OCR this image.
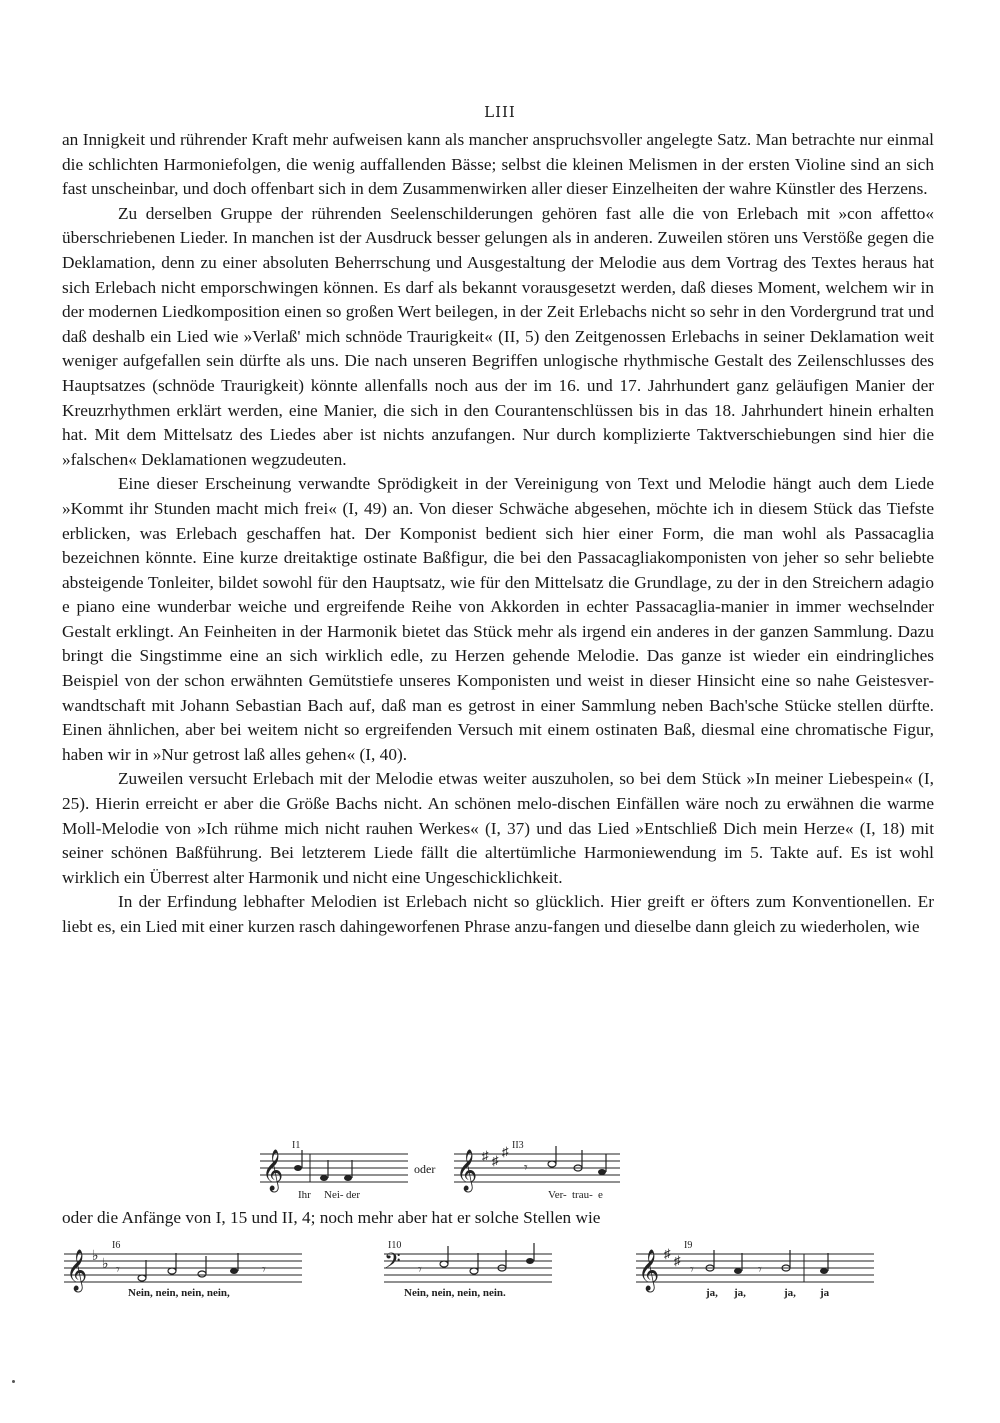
LIII

an Innigkeit und rührender Kraft mehr aufweisen kann als mancher anspruchsvoller angelegte Satz. Man betrachte nur einmal die schlichten Harmoniefolgen, die wenig auffallenden Bässe; selbst die kleinen Melismen in der ersten Violine sind an sich fast unscheinbar, und doch offenbart sich in dem Zusammenwirken aller dieser Einzelheiten der wahre Künstler des Herzens.

Zu derselben Gruppe der rührenden Seelenschilderungen gehören fast alle die von Erlebach mit »con affetto« überschriebenen Lieder. In manchen ist der Ausdruck besser gelungen als in anderen. Zuweilen stören uns Verstöße gegen die Deklamation, denn zu einer absoluten Beherrschung und Ausgestaltung der Melodie aus dem Vortrag des Textes heraus hat sich Erlebach nicht emporschwingen können. Es darf als bekannt vorausgesetzt werden, daß dieses Moment, welchem wir in der modernen Liedkomposition einen so großen Wert beilegen, in der Zeit Erlebachs nicht so sehr in den Vordergrund trat und daß deshalb ein Lied wie »Verlaß' mich schnöde Traurigkeit« (II, 5) den Zeitgenossen Erlebachs in seiner Deklamation weit weniger aufgefallen sein dürfte als uns. Die nach unseren Begriffen unlogische rhythmische Gestalt des Zeilenschlusses des Hauptsatzes (schnöde Traurigkeit) könnte allenfalls noch aus der im 16. und 17. Jahrhundert ganz geläufigen Manier der Kreuzrhythmen erklärt werden, eine Manier, die sich in den Courantenschlüssen bis in das 18. Jahrhundert hinein erhalten hat. Mit dem Mittelsatz des Liedes aber ist nichts anzufangen. Nur durch komplizierte Taktverschiebungen sind hier die »falschen« Deklamationen wegzudeuten.

Eine dieser Erscheinung verwandte Sprödigkeit in der Vereinigung von Text und Melodie hängt auch dem Liede »Kommt ihr Stunden macht mich frei« (I, 49) an. Von dieser Schwäche abgesehen, möchte ich in diesem Stück das Tiefste erblicken, was Erlebach geschaffen hat. Der Komponist bedient sich hier einer Form, die man wohl als Passacaglia bezeichnen könnte. Eine kurze dreitaktige ostinate Baßfigur, die bei den Passacagliakomponisten von jeher so sehr beliebte absteigende Tonleiter, bildet sowohl für den Hauptsatz, wie für den Mittelsatz die Grundlage, zu der in den Streichern adagio e piano eine wunderbar weiche und ergreifende Reihe von Akkorden in echter Passacaglia-manier in immer wechselnder Gestalt erklingt. An Feinheiten in der Harmonik bietet das Stück mehr als irgend ein anderes in der ganzen Sammlung. Dazu bringt die Singstimme eine an sich wirklich edle, zu Herzen gehende Melodie. Das ganze ist wieder ein eindringliches Beispiel von der schon erwähnten Gemütstiefe unseres Komponisten und weist in dieser Hinsicht eine so nahe Geistesver-wandtschaft mit Johann Sebastian Bach auf, daß man es getrost in einer Sammlung neben Bach'sche Stücke stellen dürfte. Einen ähnlichen, aber bei weitem nicht so ergreifenden Versuch mit einem ostinaten Baß, diesmal eine chromatische Figur, haben wir in »Nur getrost laß alles gehen« (I, 40).

Zuweilen versucht Erlebach mit der Melodie etwas weiter auszuholen, so bei dem Stück »In meiner Liebespein« (I, 25). Hierin erreicht er aber die Größe Bachs nicht. An schönen melo-dischen Einfällen wäre noch zu erwähnen die warme Moll-Melodie von »Ich rühme mich nicht rauhen Werkes« (I, 37) und das Lied »Entschließ Dich mein Herze« (I, 18) mit seiner schönen Baßführung. Bei letzterem Liede fällt die altertümliche Harmoniewendung im 5. Takte auf. Es ist wohl wirklich ein Überrest alter Harmonik und nicht eine Ungeschicklichkeit.

In der Erfindung lebhafter Melodien ist Erlebach nicht so glücklich. Hier greift er öfters zum Konventionellen. Er liebt es, ein Lied mit einer kurzen rasch dahingeworfenen Phrase anzu-fangen und dieselbe dann gleich zu wiederholen, wie

𝄞
I1
Ihr Nei- der
oder 𝄞 ♯ ♯
♯
𝄾
II3
Ver- trau- e
oder die Anfänge von I, 15 und II, 4; noch mehr aber hat er solche Stellen wie
𝄞 ♭
♭ 𝄾	𝄾
I6
Nein, nein, nein, nein,
𝄢 𝄾
I10
Nein, nein, nein, nein.
𝄞 ♯ ♯
𝄾	𝄾
I9
ja, ja,	ja, ja
